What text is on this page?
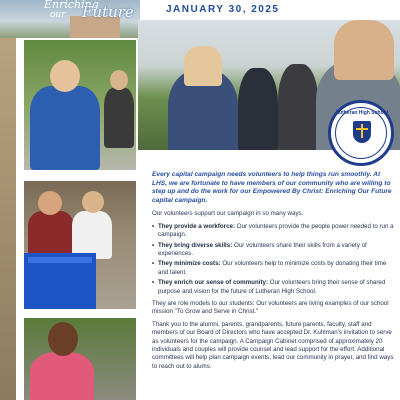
Enriching
our Future	JANUARY 30, 2025
Lutheran High School

Every capital campaign needs volunteers to help things run smoothly. At LHS, we are fortunate to have members of our community who are willing to step up and do the work for our Empowered By Christ: Enriching Our Future capital campaign.

Our volunteers support our campaign in so many ways.

• They provide a workforce: Our volunteers provide the people power needed to run a campaign.
• They bring diverse skills: Our volunteers share their skills from a variety of experiences.
• They minimize costs: Our volunteers help to minimize costs by donating their time and talent.
• They enrich our sense of community: Our volunteers bring their sense of shared purpose and vision for the future of Lutheran High School.

They are role models to our students: Our volunteers are living examples of our school mission "To Grow and Serve in Christ."

Thank you to the alumni, parents, grandparents, future parents, faculty, staff and members of our Board of Directors who have accepted Dr. Kuhlman's invitation to serve as volunteers for the campaign. A Campaign Cabinet comprised of approximately 20 individuals and couples will provide counsel and lead support for the effort. Additional committees will help plan campaign events, lead our community in prayer, and find ways to reach out to alums.
